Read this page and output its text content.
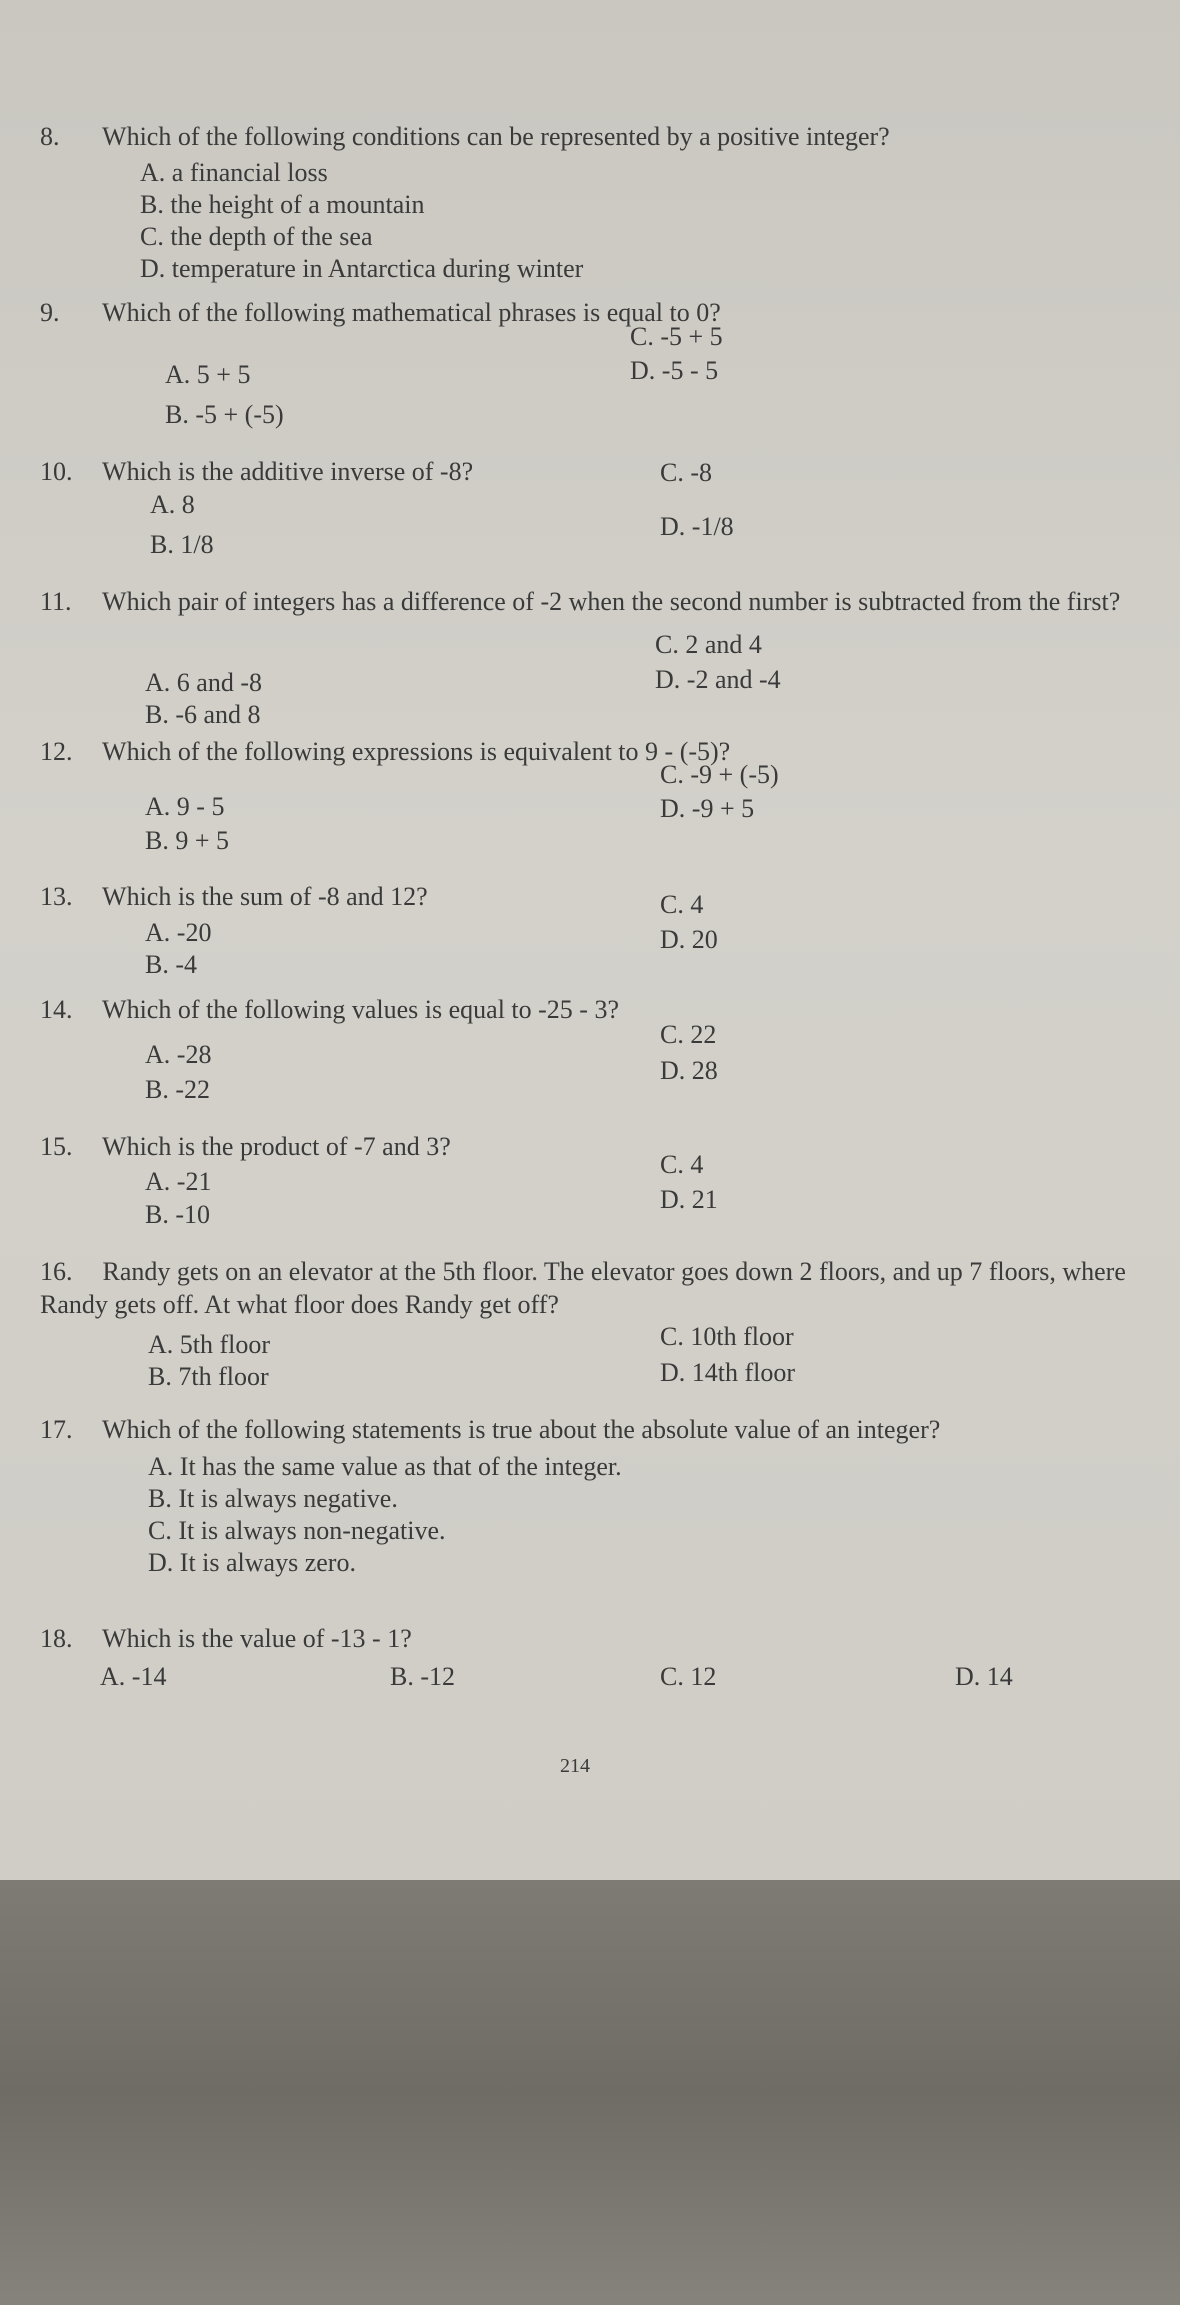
8. Which of the following conditions can be represented by a positive integer?
A. a financial loss
B. the height of a mountain
C. the depth of the sea
D. temperature in Antarctica during winter
9. Which of the following mathematical phrases is equal to 0?
A. 5 + 5
B. -5 + (-5)
C. -5 + 5
D. -5 - 5
10. Which is the additive inverse of -8?
A. 8
B. 1/8
C. -8
D. -1/8
11. Which pair of integers has a difference of -2 when the second number is subtracted from the first?
A. 6 and -8
B. -6 and 8
C. 2 and 4
D. -2 and -4
12. Which of the following expressions is equivalent to 9 - (-5)?
A. 9 - 5
B. 9 + 5
C. -9 + (-5)
D. -9 + 5
13. Which is the sum of -8 and 12?
A. -20
B. -4
C. 4
D. 20
14. Which of the following values is equal to -25 - 3?
A. -28
B. -22
C. 22
D. 28
15. Which is the product of -7 and 3?
A. -21
B. -10
C. 4
D. 21
16. Randy gets on an elevator at the 5th floor. The elevator goes down 2 floors, and up 7 floors, where Randy gets off. At what floor does Randy get off?
A. 5th floor
B. 7th floor
C. 10th floor
D. 14th floor
17. Which of the following statements is true about the absolute value of an integer?
A. It has the same value as that of the integer.
B. It is always negative.
C. It is always non-negative.
D. It is always zero.
18. Which is the value of -13 - 1?
A. -14	B. -12	C. 12	D. 14
214
